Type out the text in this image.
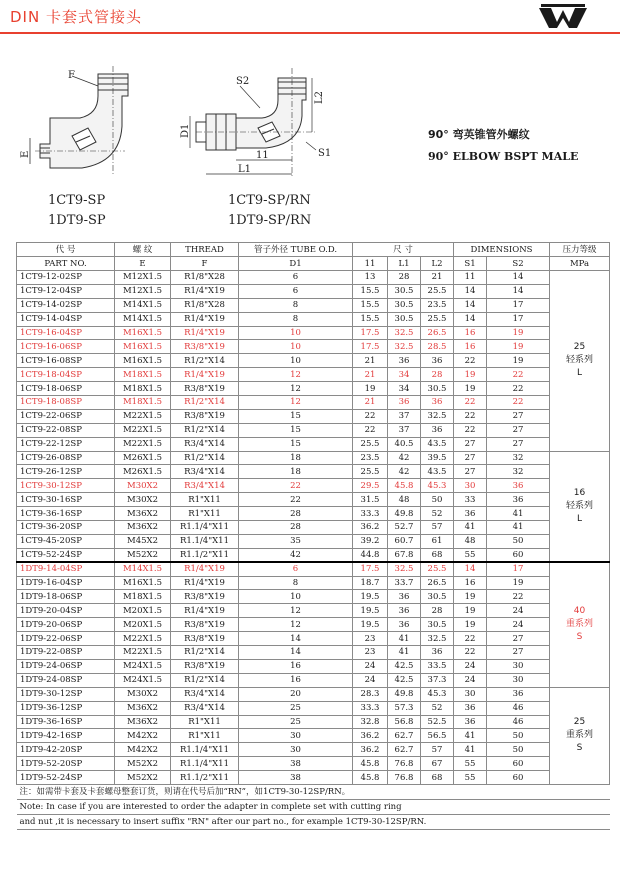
DIN 卡套式管接头
F
E
S2
L2
D1
S1
11
L1
1CT9-SP
1DT9-SP
1CT9-SP/RN
1DT9-SP/RN
90° 弯英锥管外螺纹
90° ELBOW BSPT MALE
代 号	螺 纹	THREAD	管子外径 TUBE O.D.	尺 寸			DIMENSIONS		压力等级
PART NO.	E	F	D1	11	L1	L2	S1	S2	MPa
1CT9-12-02SP	M12X1.5	R1/8"X28	6	13	28	21	11	14	25
轻系列
L

1CT9-12-04SP	M12X1.5	R1/4"X19	6	15.5	30.5	25.5	14	14	
1CT9-14-02SP	M14X1.5	R1/8"X28	8	15.5	30.5	23.5	14	17	
1CT9-14-04SP	M14X1.5	R1/4"X19	8	15.5	30.5	25.5	14	17	
1CT9-16-04SP	M16X1.5	R1/4"X19	10	17.5	32.5	26.5	16	19	
1CT9-16-06SP	M16X1.5	R3/8"X19	10	17.5	32.5	28.5	16	19	
1CT9-16-08SP	M16X1.5	R1/2"X14	10	21	36	36	22	19	
1CT9-18-04SP	M18X1.5	R1/4"X19	12	21	34	28	19	22	
1CT9-18-06SP	M18X1.5	R3/8"X19	12	19	34	30.5	19	22	
1CT9-18-08SP	M18X1.5	R1/2"X14	12	21	36	36	22	22	
1CT9-22-06SP	M22X1.5	R3/8"X19	15	22	37	32.5	22	27	
1CT9-22-08SP	M22X1.5	R1/2"X14	15	22	37	36	22	27	
1CT9-22-12SP	M22X1.5	R3/4"X14	15	25.5	40.5	43.5	27	27	
1CT9-26-08SP	M26X1.5	R1/2"X14	18	23.5	42	39.5	27	32	16
轻系列
L

1CT9-26-12SP	M26X1.5	R3/4"X14	18	25.5	42	43.5	27	32	
1CT9-30-12SP	M30X2	R3/4"X14	22	29.5	45.8	45.3	30	36	
1CT9-30-16SP	M30X2	R1"X11	22	31.5	48	50	33	36	
1CT9-36-16SP	M36X2	R1"X11	28	33.3	49.8	52	36	41	
1CT9-36-20SP	M36X2	R1.1/4"X11	28	36.2	52.7	57	41	41	
1CT9-45-20SP	M45X2	R1.1/4"X11	35	39.2	60.7	61	48	50	
1CT9-52-24SP	M52X2	R1.1/2"X11	42	44.8	67.8	68	55	60	
1DT9-14-04SP	M14X1.5	R1/4"X19	6	17.5	32.5	25.5	14	17	40
重系列
S

1DT9-16-04SP	M16X1.5	R1/4"X19	8	18.7	33.7	26.5	16	19	
1DT9-18-06SP	M18X1.5	R3/8"X19	10	19.5	36	30.5	19	22	
1DT9-20-04SP	M20X1.5	R1/4"X19	12	19.5	36	28	19	24	
1DT9-20-06SP	M20X1.5	R3/8"X19	12	19.5	36	30.5	19	24	
1DT9-22-06SP	M22X1.5	R3/8"X19	14	23	41	32.5	22	27	
1DT9-22-08SP	M22X1.5	R1/2"X14	14	23	41	36	22	27	
1DT9-24-06SP	M24X1.5	R3/8"X19	16	24	42.5	33.5	24	30	
1DT9-24-08SP	M24X1.5	R1/2"X14	16	24	42.5	37.3	24	30	
1DT9-30-12SP	M30X2	R3/4"X14	20	28.3	49.8	45.3	30	36	25
重系列
S

1DT9-36-12SP	M36X2	R3/4"X14	25	33.3	57.3	52	36	46	
1DT9-36-16SP	M36X2	R1"X11	25	32.8	56.8	52.5	36	46	
1DT9-42-16SP	M42X2	R1"X11	30	36.2	62.7	56.5	41	50	
1DT9-42-20SP	M42X2	R1.1/4"X11	30	36.2	62.7	57	41	50	
1DT9-52-20SP	M52X2	R1.1/4"X11	38	45.8	76.8	67	55	60	
1DT9-52-24SP	M52X2	R1.1/2"X11	38	45.8	76.8	68	55	60	
注：如需带卡套及卡套螺母整套订货，则请在代号后加“RN”，如1CT9-30-12SP/RN。									
Note: In case if you are interested to order the adapter in complete set with cutting ring									
and nut ,it is necessary to insert suffix "RN" after our part no., for example 1CT9-30-12SP/RN.									
